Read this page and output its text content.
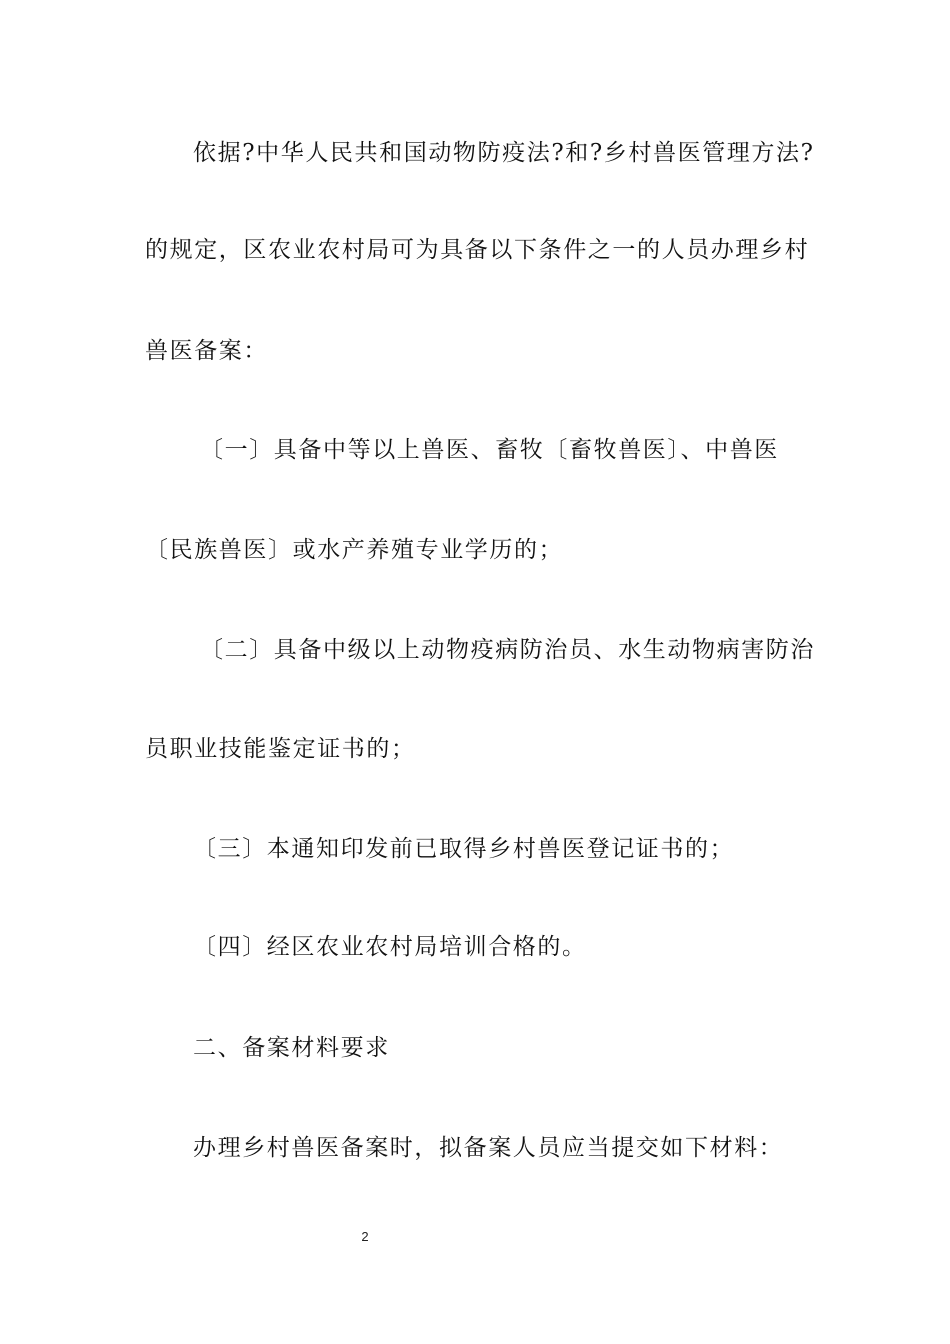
依据?中华人民共和国动物防疫法?和?乡村兽医管理方法?
的规定，区农业农村局可为具备以下条件之一的人员办理乡村
兽医备案：
〔一〕具备中等以上兽医、畜牧〔畜牧兽医〕、中兽医
〔民族兽医〕或水产养殖专业学历的；
〔二〕具备中级以上动物疫病防治员、水生动物病害防治
员职业技能鉴定证书的；
〔三〕本通知印发前已取得乡村兽医登记证书的；
〔四〕经区农业农村局培训合格的。
二、备案材料要求
办理乡村兽医备案时，拟备案人员应当提交如下材料：
2
